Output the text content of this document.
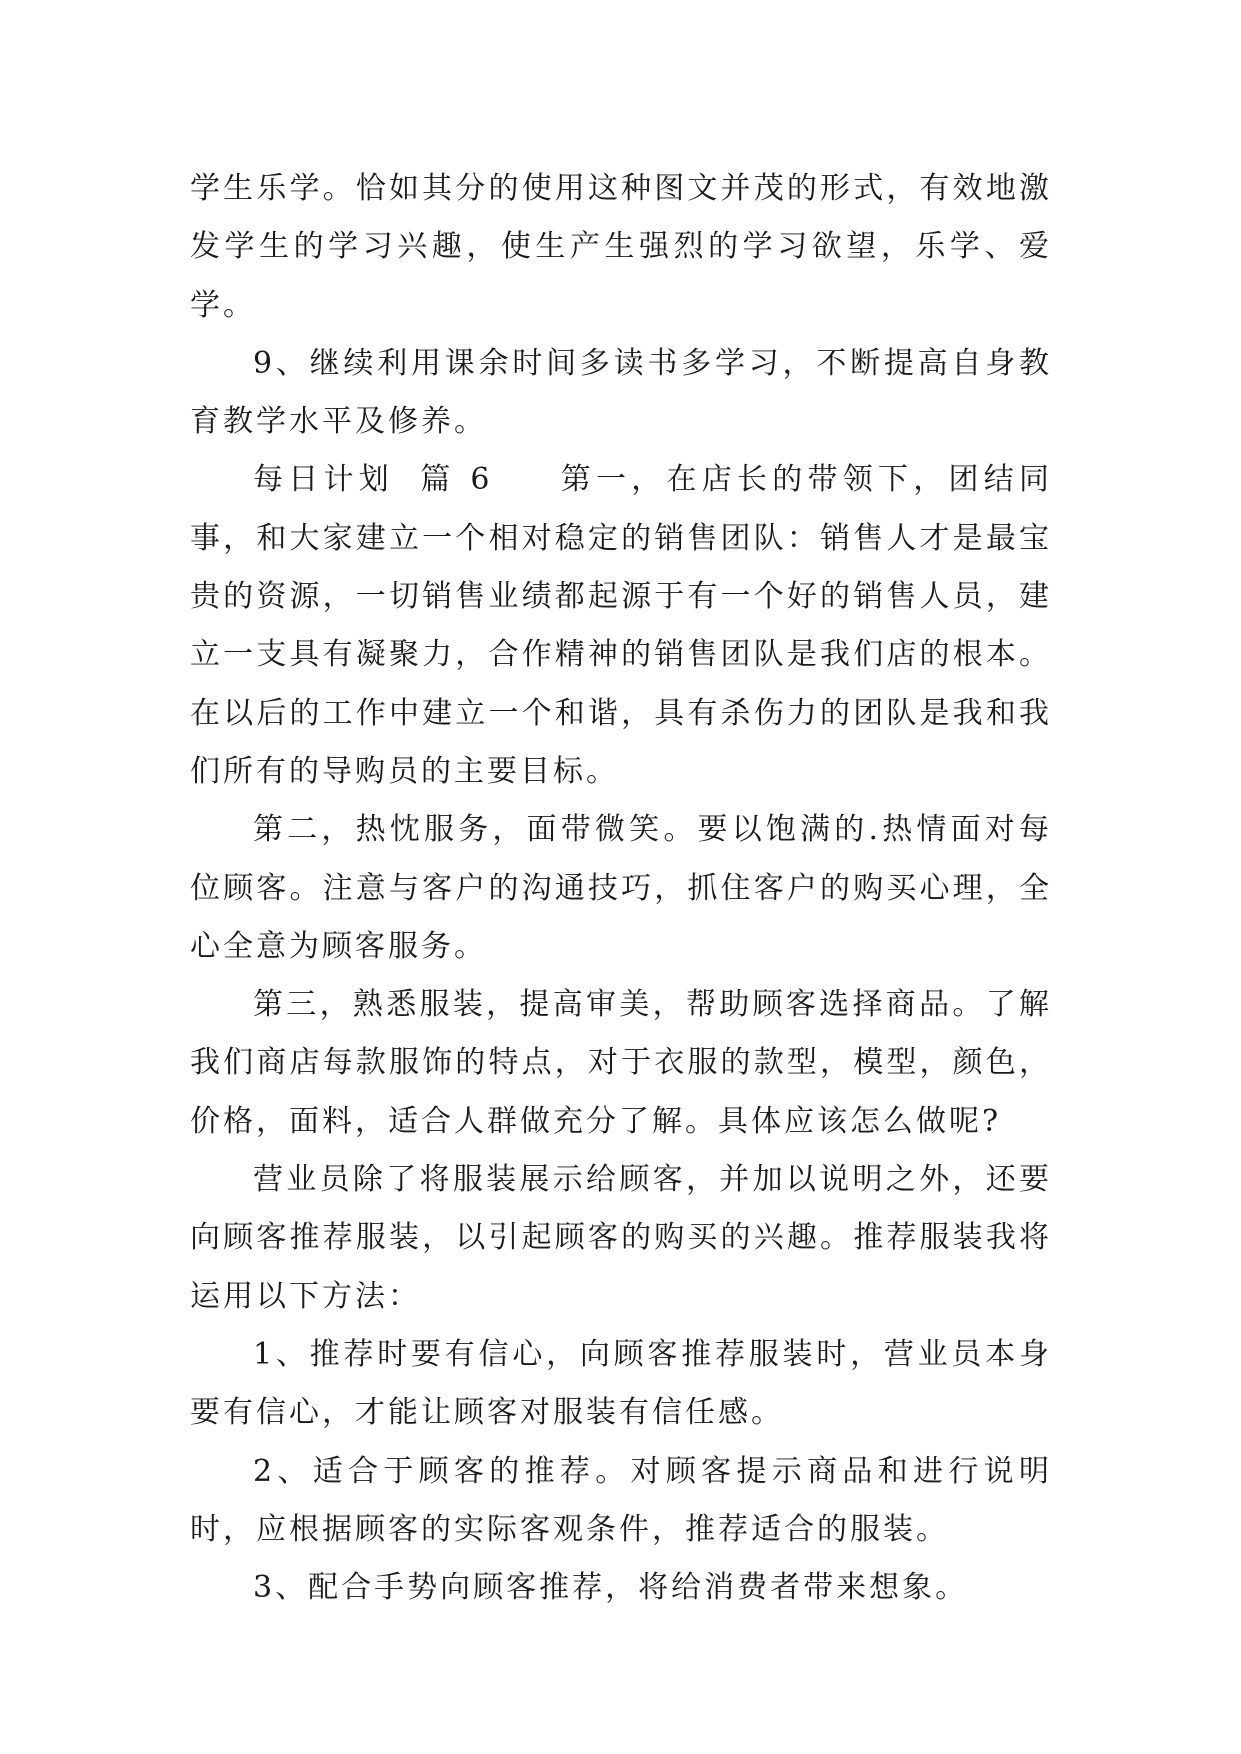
学生乐学。恰如其分的使用这种图文并茂的形式，有效地激发学生的学习兴趣，使生产生强烈的学习欲望，乐学、爱学。

9、继续利用课余时间多读书多学习，不断提高自身教育教学水平及修养。

每日计划 篇 6 第一，在店长的带领下，团结同事，和大家建立一个相对稳定的销售团队：销售人才是最宝贵的资源，一切销售业绩都起源于有一个好的销售人员，建立一支具有凝聚力，合作精神的销售团队是我们店的根本。在以后的工作中建立一个和谐，具有杀伤力的团队是我和我们所有的导购员的主要目标。

第二，热忱服务，面带微笑。要以饱满的.热情面对每位顾客。注意与客户的沟通技巧，抓住客户的购买心理，全心全意为顾客服务。

第三，熟悉服装，提高审美，帮助顾客选择商品。了解我们商店每款服饰的特点，对于衣服的款型，模型，颜色，价格，面料，适合人群做充分了解。具体应该怎么做呢?

营业员除了将服装展示给顾客，并加以说明之外，还要向顾客推荐服装，以引起顾客的购买的兴趣。推荐服装我将运用以下方法：

1、推荐时要有信心，向顾客推荐服装时，营业员本身要有信心，才能让顾客对服装有信任感。

2、适合于顾客的推荐。对顾客提示商品和进行说明时，应根据顾客的实际客观条件，推荐适合的服装。

3、配合手势向顾客推荐，将给消费者带来想象。
